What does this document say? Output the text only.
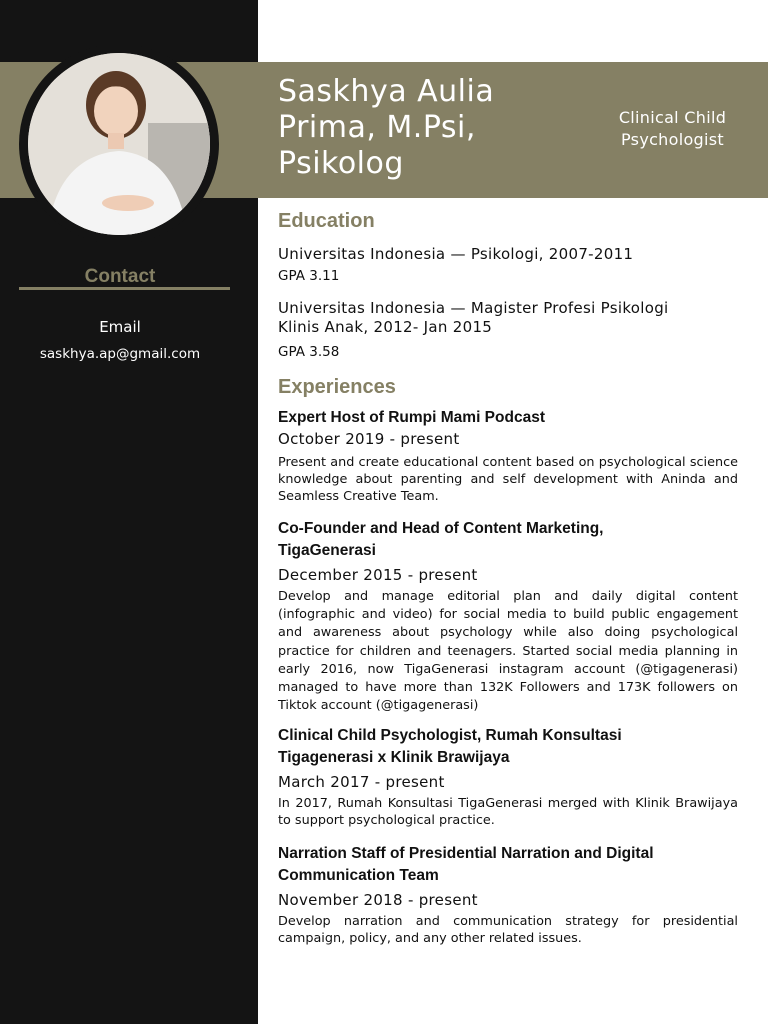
Saskhya Aulia Prima, M.Psi, Psikolog
Clinical Child Psychologist
Contact
Email
saskhya.ap@gmail.com
Education
Universitas Indonesia — Psikologi, 2007-2011
GPA 3.11
Universitas Indonesia — Magister Profesi Psikologi Klinis Anak, 2012- Jan 2015
GPA 3.58
Experiences
Expert Host of Rumpi Mami Podcast
October 2019 - present
Present and create educational content based on psychological science knowledge about parenting and self development with Aninda and Seamless Creative Team.
Co-Founder and Head of Content Marketing, TigaGenerasi
December 2015 - present
Develop and manage editorial plan and daily digital content (infographic and video) for social media to build public engagement and awareness about psychology while also doing psychological practice for children and teenagers. Started social media planning in early 2016, now TigaGenerasi instagram account (@tigagenerasi) managed to have more than 132K Followers and 173K followers on Tiktok account (@tigagenerasi)
Clinical Child Psychologist, Rumah Konsultasi Tigagenerasi x Klinik Brawijaya
March 2017 - present
In 2017, Rumah Konsultasi TigaGenerasi merged with Klinik Brawijaya to support psychological practice.
Narration Staff of Presidential Narration and Digital Communication Team
November 2018 - present
Develop narration and communication strategy for presidential campaign, policy, and any other related issues.
